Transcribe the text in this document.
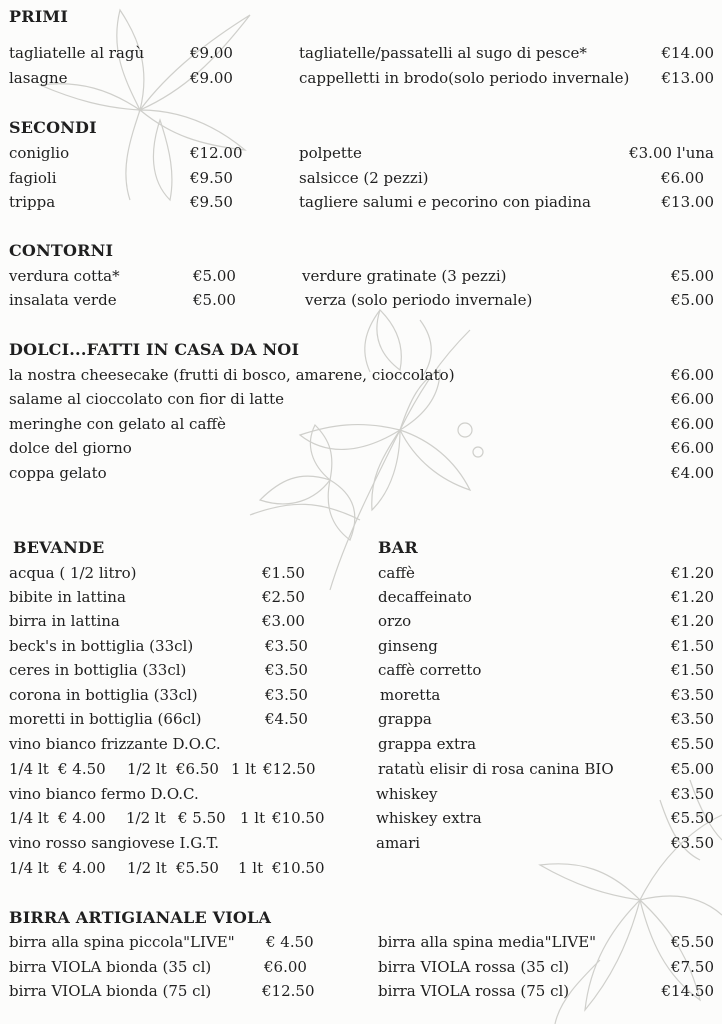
PRIMI
tagliatelle al ragù	€9.00
lasagne	€9.00
tagliatelle/passatelli al sugo di pesce*	€14.00
cappelletti in brodo(solo periodo invernale) €13.00
SECONDI
coniglio	€12.00
fagioli	€9.50
trippa	€9.50
polpette	€3.00 l'una
salsicce (2 pezzi)	€6.00
tagliere salumi e pecorino con piadina	€13.00
CONTORNI
verdura cotta*	€5.00
insalata verde	€5.00
verdure gratinate (3 pezzi)	€5.00
verza (solo periodo invernale)	€5.00
DOLCI...FATTI IN CASA DA NOI
la nostra cheesecake (frutti di bosco, amarene, cioccolato)	€6.00
salame al cioccolato con fior di latte	€6.00
meringhe con gelato al caffè	€6.00
dolce del giorno	€6.00
coppa gelato	€4.00
BEVANDE
acqua ( 1/2 litro)	€1.50
bibite in lattina	€2.50
birra in lattina	€3.00
beck's in bottiglia (33cl)	€3.50
ceres in bottiglia (33cl)	€3.50
corona in bottiglia (33cl)	€3.50
moretti in bottiglia (66cl)	€4.50
vino bianco frizzante D.O.C.
1/4 lt € 4.50 1/2 lt €6.50 1 lt €12.50
vino bianco fermo D.O.C.
1/4 lt € 4.00 1/2 lt € 5.50 1 lt €10.50
vino rosso sangiovese I.G.T.
1/4 lt € 4.00 1/2 lt €5.50 1 lt €10.50
BAR
caffè	€1.20
decaffeinato	€1.20
orzo	€1.20
ginseng	€1.50
caffè corretto	€1.50
moretta	€3.50
grappa	€3.50
grappa extra	€5.50
ratatù elisir di rosa canina BIO	€5.00
whiskey	€3.50
whiskey extra	€5.50
amari	€3.50
BIRRA ARTIGIANALE VIOLA
birra alla spina piccola"LIVE" € 4.50
birra VIOLA bionda (35 cl)	€6.00
birra VIOLA bionda (75 cl)	€12.50
birra alla spina media"LIVE"	€5.50
birra VIOLA rossa (35 cl)	€7.50
birra VIOLA rossa (75 cl)	€14.50
